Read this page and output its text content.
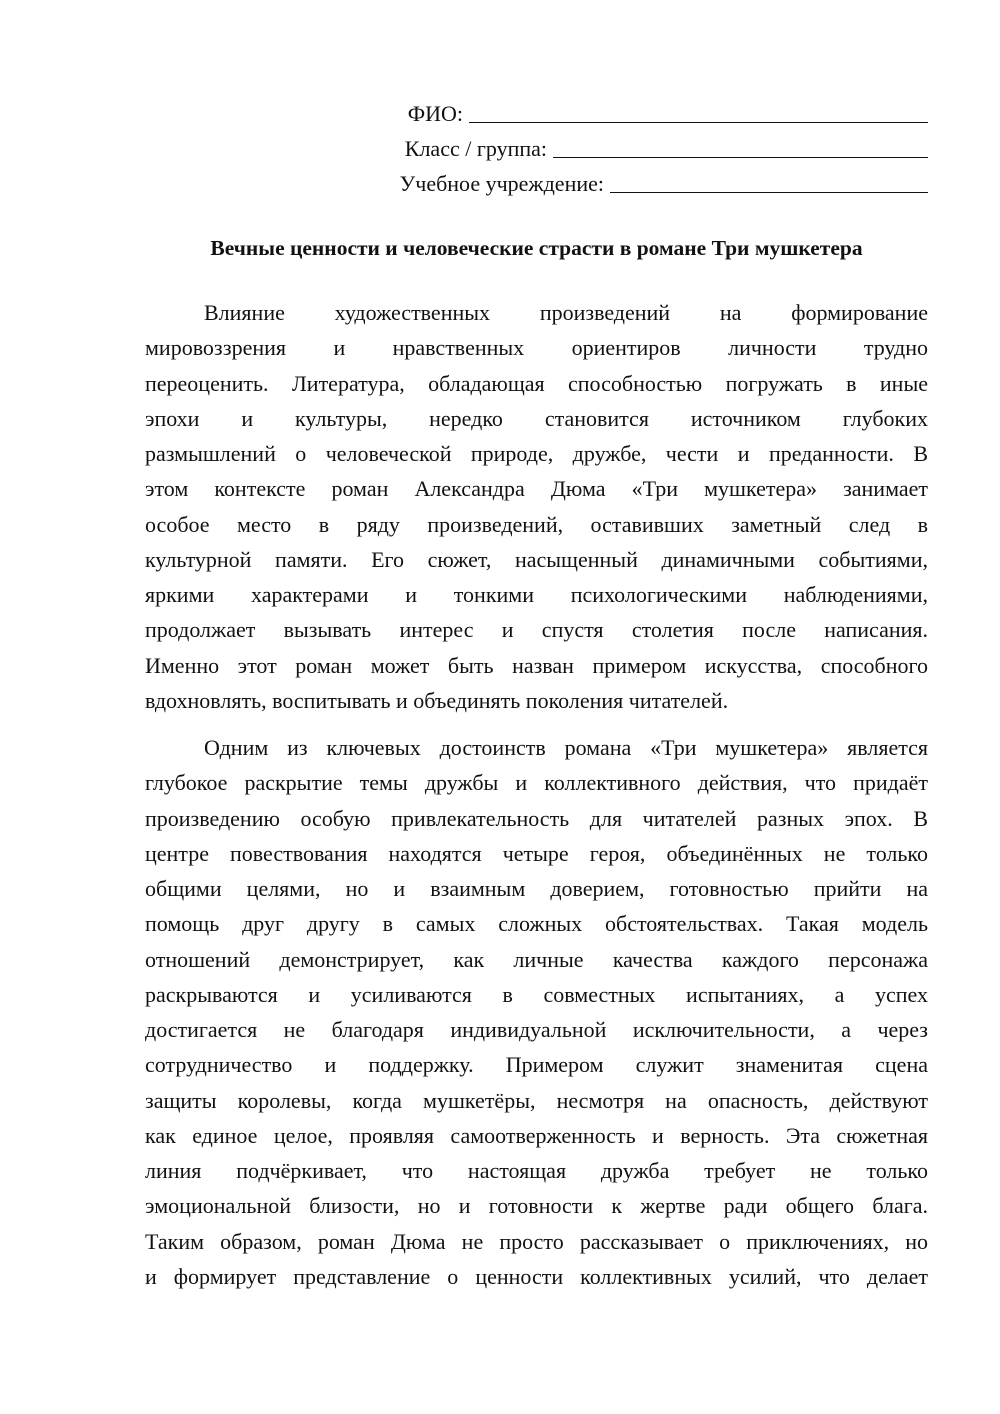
ФИО:
Класс / группа:
Учебное учреждение:
Вечные ценности и человеческие страсти в романе Три мушкетера

Влияние художественных произведений на формирование
мировоззрения и нравственных ориентиров личности трудно
переоценить. Литература, обладающая способностью погружать в иные
эпохи и культуры, нередко становится источником глубоких
размышлений о человеческой природе, дружбе, чести и преданности. В
этом контексте роман Александра Дюма «Три мушкетера» занимает
особое место в ряду произведений, оставивших заметный след в
культурной памяти. Его сюжет, насыщенный динамичными событиями,
яркими характерами и тонкими психологическими наблюдениями,
продолжает вызывать интерес и спустя столетия после написания.
Именно этот роман может быть назван примером искусства, способного
вдохновлять, воспитывать и объединять поколения читателей.

Одним из ключевых достоинств романа «Три мушкетера» является
глубокое раскрытие темы дружбы и коллективного действия, что придаёт
произведению особую привлекательность для читателей разных эпох. В
центре повествования находятся четыре героя, объединённых не только
общими целями, но и взаимным доверием, готовностью прийти на
помощь друг другу в самых сложных обстоятельствах. Такая модель
отношений демонстрирует, как личные качества каждого персонажа
раскрываются и усиливаются в совместных испытаниях, а успех
достигается не благодаря индивидуальной исключительности, а через
сотрудничество и поддержку. Примером служит знаменитая сцена
защиты королевы, когда мушкетёры, несмотря на опасность, действуют
как единое целое, проявляя самоотверженность и верность. Эта сюжетная
линия подчёркивает, что настоящая дружба требует не только
эмоциональной близости, но и готовности к жертве ради общего блага.
Таким образом, роман Дюма не просто рассказывает о приключениях, но
и формирует представление о ценности коллективных усилий, что делает
